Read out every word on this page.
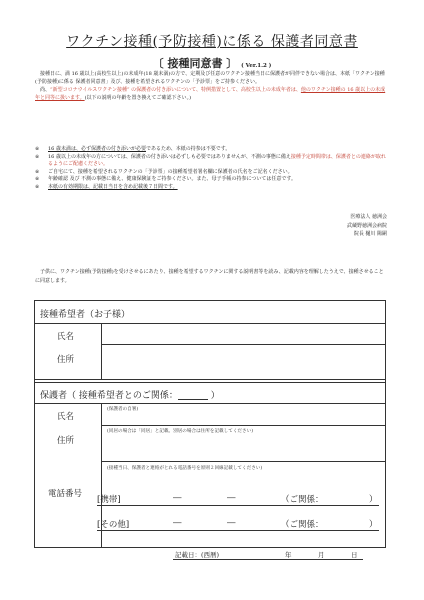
ワクチン接種(予防接種)に係る 保護者同意書
〔 接種同意書 〕 ( Ver.1.2 )

接種日に、満 16 歳以上(高校生以上)の未成年(18 歳未満)の方で、定期及び任意のワクチン接種当日に保護者が同伴できない場合は、本紙「ワクチン接種(予防接種)に係る 保護者同意書」及び、接種を希望されるワクチンの「予診票」をご持参ください。

尚、“新型コロナウイルスワクチン接種” の保護者の付き添いについて、特例措置として、高校生以上の未成年者は、他のワクチン接種の 16 歳以上の未成年と同等に扱います。(以下の説明の年齢を置き換えてご確認下さい。)

※ 16 歳未満は、必ず保護者の付き添いが必要であるため、本紙の持参は不要です。
※ 16 歳以上の未成年の方については、保護者の付き添いは必ずしも必要ではありませんが、不測の事態に備え接種予定時間帯は、保護者との連絡が取れるようにご配慮ください。
※ ご自宅にて、接種を希望されるワクチンの「予診票」の接種希望者署名欄に保護者の氏名をご記名ください。
※ 年齢確認 及び 不測の事態に備え、健康保険証をご持参ください。また、母子手帳の持参については任意です。
※ 本紙の有効期限は、記載日当日を含め記載後７日間です。
医療法人 徳洲会
武蔵野徳洲会病院
院長 樋川 陽嗣

子供に、ワクチン接種(予防接種)を受けさせるにあたり、接種を希望するワクチンに関する説明書等を読み、記載内容を理解したうえで、接種させることに同意します。

接種希望者（お子様）
氏名
住所
保護者（ 接種希望者とのご関係：	）
氏名
(保護者の自署)
住所
(同居の場合は「同居」と記載。別居の場合は住所を記載してください)
電話番号
(接種当日、保護者と連絡がとれる電話番号を原則２回線記載してください)
[携帯]	―	―	（ご関係：	）
[その他]	―	―	（ご関係：	）
記載日：(西暦)	年	月	日
